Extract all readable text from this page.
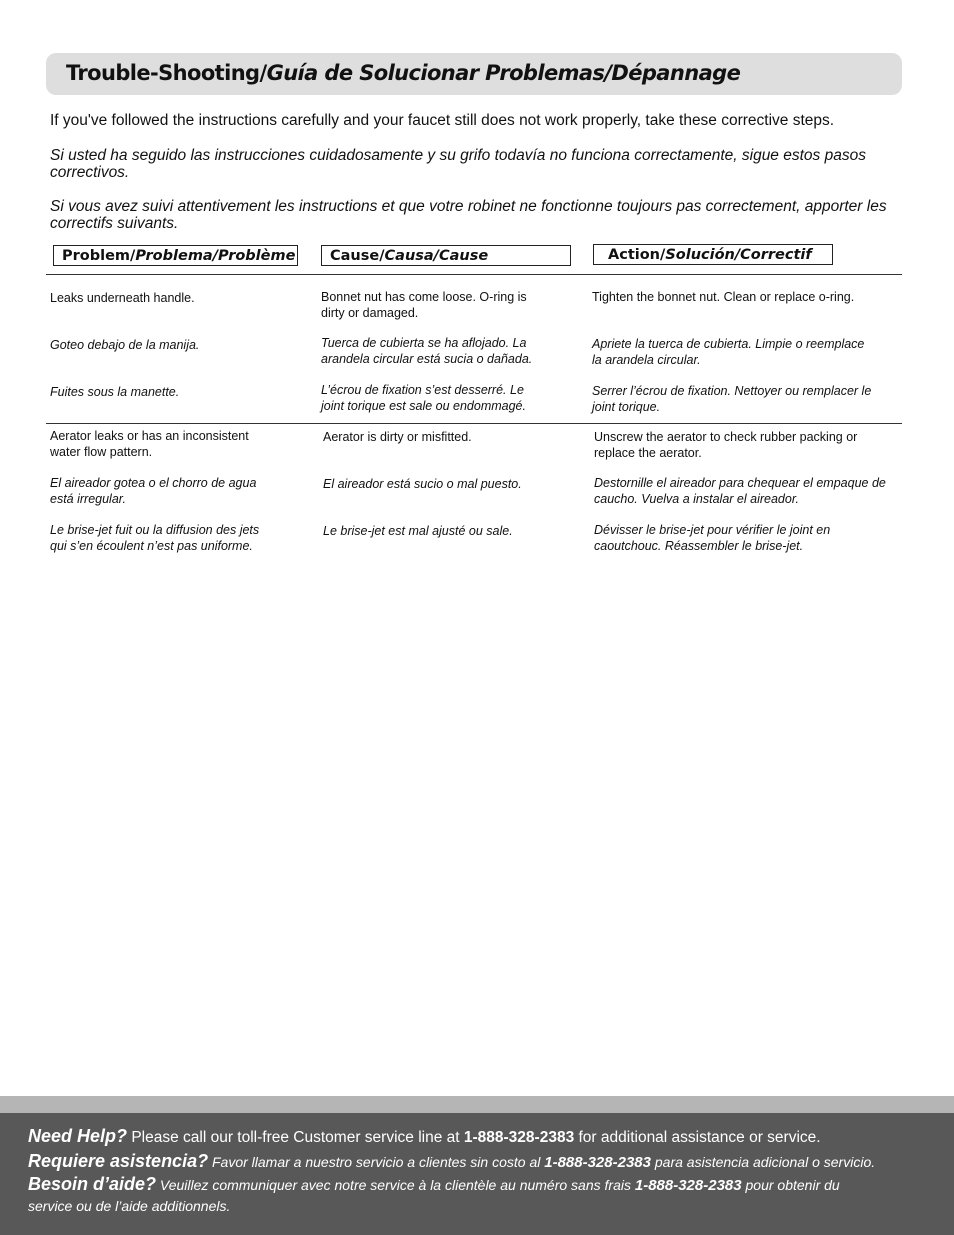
Trouble-Shooting/Guía de Solucionar Problemas/Dépannage

If you've followed the instructions carefully and your faucet still does not work properly, take these corrective steps.

Si usted ha seguido las instrucciones cuidadosamente y su grifo todavía no funciona correctamente, sigue estos pasos correctivos.

Si vous avez suivi attentivement les instructions et que votre robinet ne fonctionne toujours pas correctement, apporter les correctifs suivants.

Problem/Problema/Problème	Cause/Causa/Cause	Action/Solución/Correctif

Leaks underneath handle.

Goteo debajo de la manija.

Fuites sous la manette.

Bonnet nut has come loose. O-ring is dirty or damaged.

Tuerca de cubierta se ha aflojado. La arandela circular está sucia o dañada.

L’écrou de fixation s’est desserré. Le joint torique est sale ou endommagé.

Tighten the bonnet nut. Clean or replace o-ring.

Apriete la tuerca de cubierta. Limpie o reemplace la arandela circular.

Serrer l’écrou de fixation. Nettoyer ou remplacer le joint torique.

Aerator leaks or has an inconsistent water flow pattern.

El aireador gotea o el chorro de agua está irregular.

Le brise-jet fuit ou la diffusion des jets qui s’en écoulent n’est pas uniforme.

Aerator is dirty or misfitted.

El aireador está sucio o mal puesto.

Le brise-jet est mal ajusté ou sale.

Unscrew the aerator to check rubber packing or replace the aerator.

Destornille el aireador para chequear el empaque de caucho. Vuelva a instalar el aireador.

Dévisser le brise-jet pour vérifier le joint en caoutchouc. Réassembler le brise-jet.

Need Help? Please call our toll-free Customer service line at 1-888-328-2383 for additional assistance or service.

Requiere asistencia? Favor llamar a nuestro servicio a clientes sin costo al 1-888-328-2383 para asistencia adicional o servicio.

Besoin d’aide? Veuillez communiquer avec notre service à la clientèle au numéro sans frais 1-888-328-2383 pour obtenir du

service ou de l’aide additionnels.
